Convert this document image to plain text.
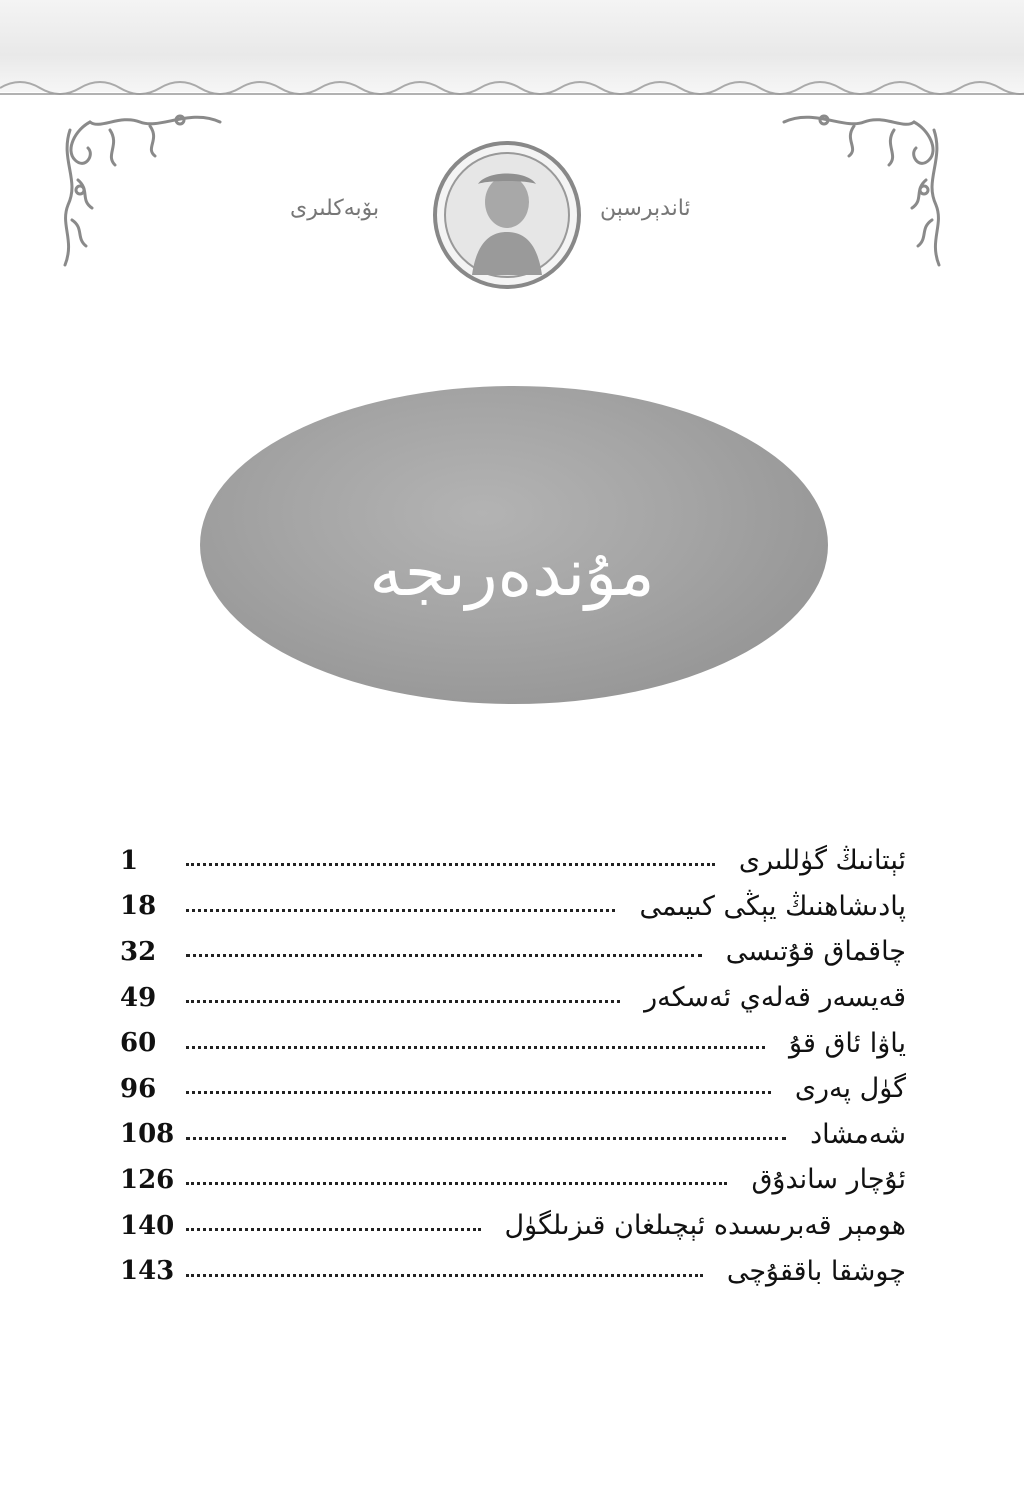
ئاندېرسېن
بۆبەكلىرى
مۇندەرىجە
ئېتانىڭ گۈللىرى
1
پادىشاھنىڭ يېڭى كىيىمى
18
چاقماق قۇتىسى
32
قەيسەر قەلەي ئەسكەر
49
ياۋا ئاق قۇ
60
گۈل پەرى
96
شەمشاد
108
ئۇچار ساندۇق
126
ھومېر قەبرىسىدە ئېچىلغان قىزىلگۈل
140
چوشقا باققۇچى
143
